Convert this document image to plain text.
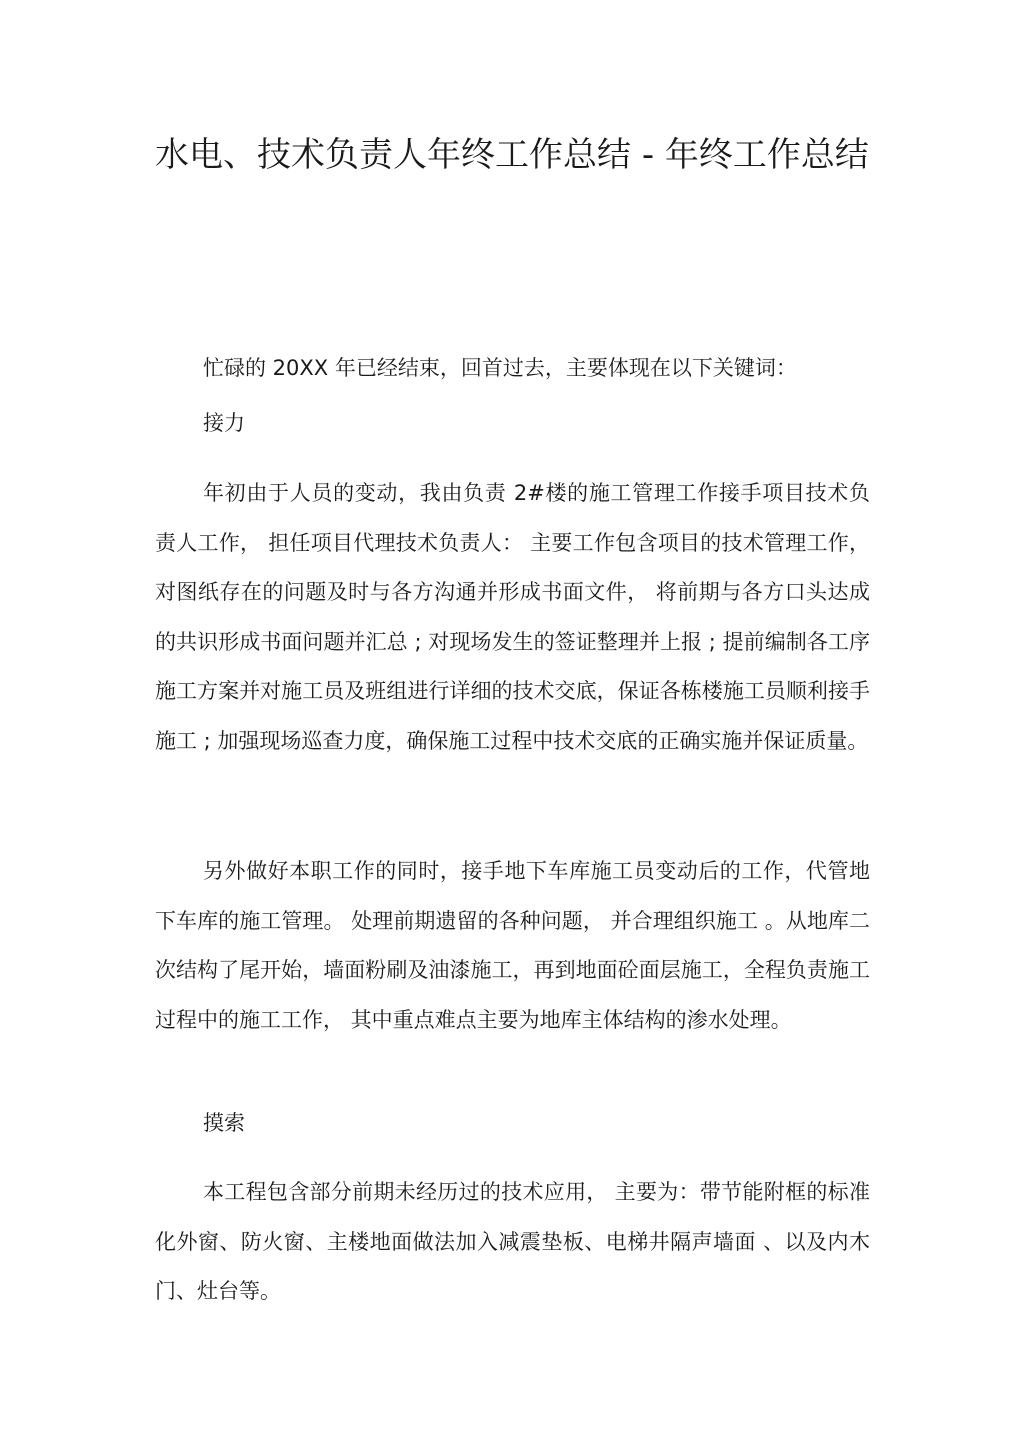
水电、技术负责人年终工作总结 - 年终工作总结

忙碌的 20XX 年已经结束，回首过去，主要体现在以下关键词：

接力

年初由于人员的变动，我由负责 2#楼的施工管理工作接手项目技术负责人工作， 担任项目代理技术负责人： 主要工作包含项目的技术管理工作，对图纸存在的问题及时与各方沟通并形成书面文件， 将前期与各方口头达成的共识形成书面问题并汇总 ; 对现场发生的签证整理并上报 ; 提前编制各工序施工方案并对施工员及班组进行详细的技术交底，保证各栋楼施工员顺利接手施工 ; 加强现场巡查力度，确保施工过程中技术交底的正确实施并保证质量。

另外做好本职工作的同时，接手地下车库施工员变动后的工作，代管地下车库的施工管理。 处理前期遗留的各种问题， 并合理组织施工 。从地库二次结构了尾开始，墙面粉刷及油漆施工，再到地面砼面层施工，全程负责施工过程中的施工工作， 其中重点难点主要为地库主体结构的渗水处理。

摸索

本工程包含部分前期未经历过的技术应用， 主要为：带节能附框的标准化外窗、防火窗、主楼地面做法加入减震垫板、电梯井隔声墙面 、以及内木门、灶台等。
